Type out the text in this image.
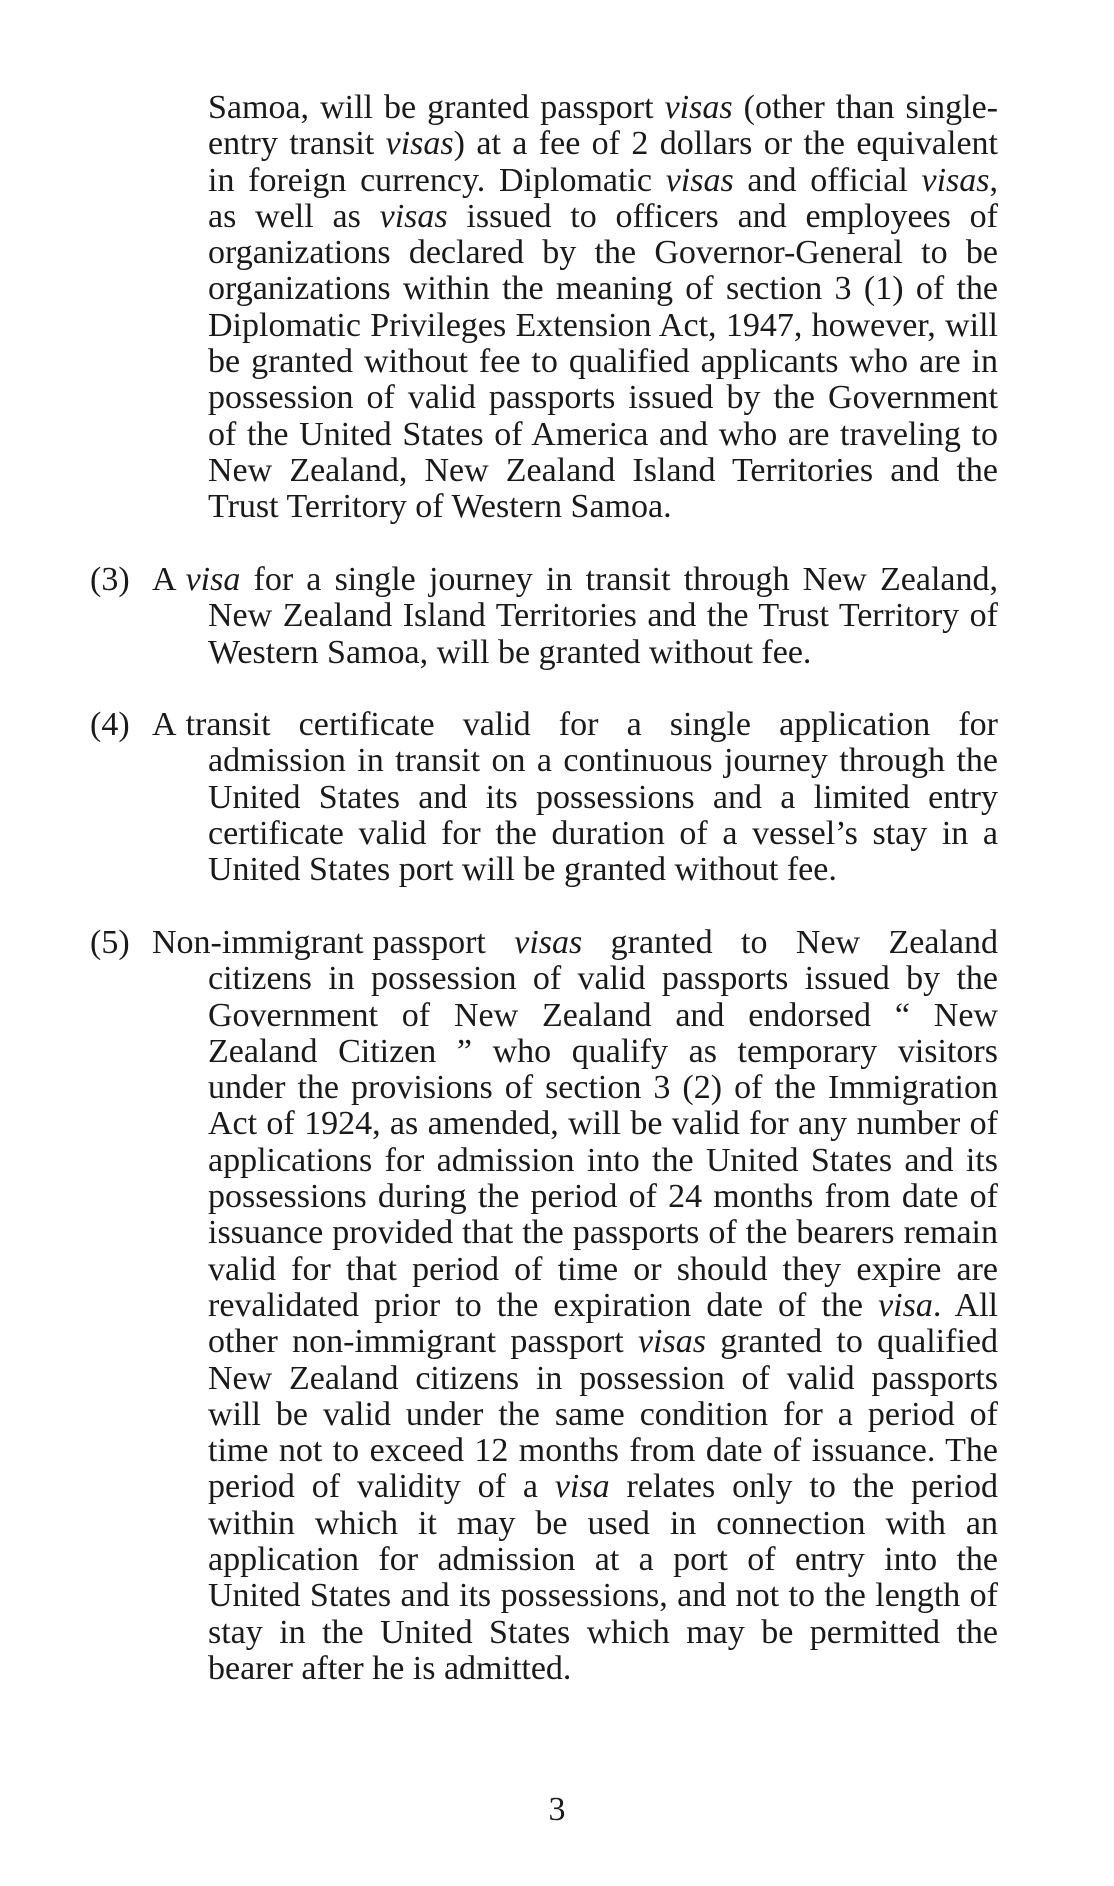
Samoa, will be granted passport visas (other than single-entry transit visas) at a fee of 2 dollars or the equivalent in foreign currency. Diplomatic visas and official visas, as well as visas issued to officers and employees of organizations declared by the Governor-General to be organizations within the meaning of section 3 (1) of the Diplomatic Privileges Extension Act, 1947, however, will be granted without fee to qualified applicants who are in possession of valid passports issued by the Government of the United States of America and who are traveling to New Zealand, New Zealand Island Territories and the Trust Territory of Western Samoa.

(3) A visa for a single journey in transit through New Zealand, New Zealand Island Territories and the Trust Territory of Western Samoa, will be granted without fee.

(4) A transit certificate valid for a single application for admission in transit on a continuous journey through the United States and its possessions and a limited entry certificate valid for the duration of a vessel’s stay in a United States port will be granted without fee.

(5) Non-immigrant passport visas granted to New Zealand citizens in possession of valid passports issued by the Government of New Zealand and endorsed “ New Zealand Citizen ” who qualify as temporary visitors under the provisions of section 3 (2) of the Immigration Act of 1924, as amended, will be valid for any number of applications for admission into the United States and its possessions during the period of 24 months from date of issuance provided that the passports of the bearers remain valid for that period of time or should they expire are revalidated prior to the expiration date of the visa. All other non-immigrant passport visas granted to qualified New Zealand citizens in possession of valid passports will be valid under the same condition for a period of time not to exceed 12 months from date of issuance. The period of validity of a visa relates only to the period within which it may be used in connection with an application for admission at a port of entry into the United States and its possessions, and not to the length of stay in the United States which may be permitted the bearer after he is admitted.

3
